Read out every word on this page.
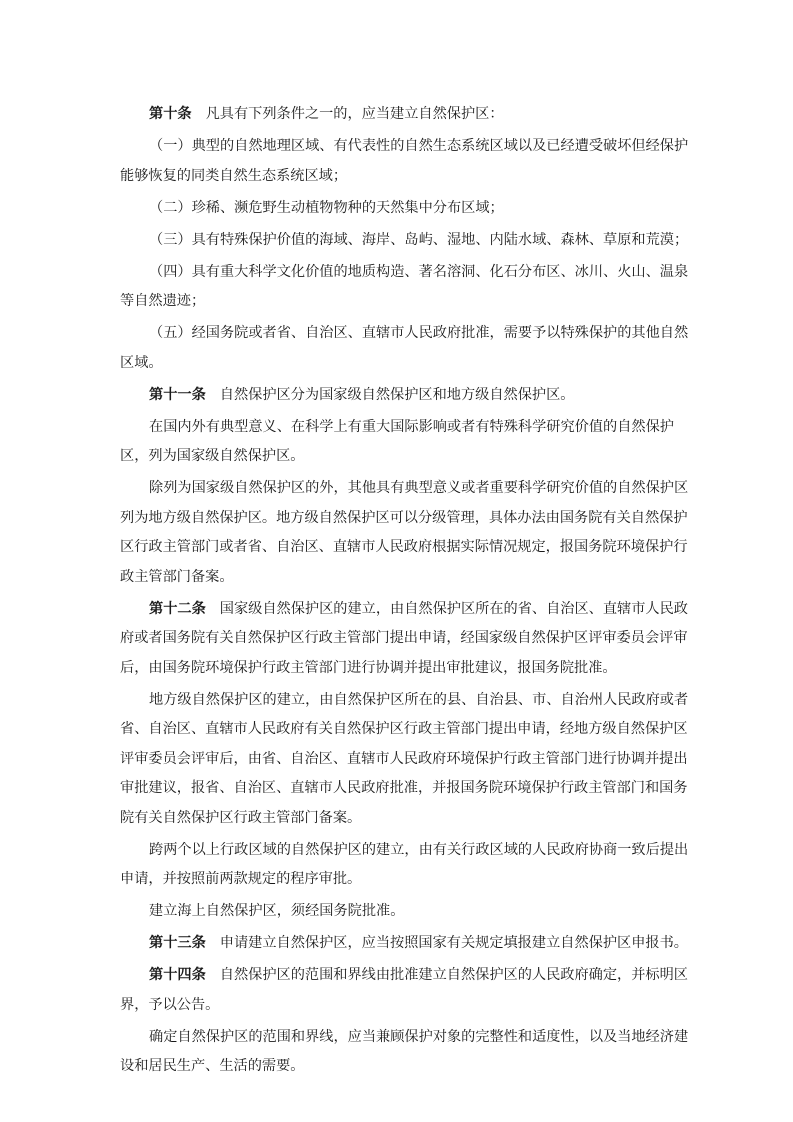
第十条 凡具有下列条件之一的，应当建立自然保护区：

（一）典型的自然地理区域、有代表性的自然生态系统区域以及已经遭受破坏但经保护
能够恢复的同类自然生态系统区域；

（二）珍稀、濒危野生动植物物种的天然集中分布区域；

（三）具有特殊保护价值的海域、海岸、岛屿、湿地、内陆水域、森林、草原和荒漠；

（四）具有重大科学文化价值的地质构造、著名溶洞、化石分布区、冰川、火山、温泉
等自然遗迹；

（五）经国务院或者省、自治区、直辖市人民政府批准，需要予以特殊保护的其他自然
区域。

第十一条 自然保护区分为国家级自然保护区和地方级自然保护区。

在国内外有典型意义、在科学上有重大国际影响或者有特殊科学研究价值的自然保护
区，列为国家级自然保护区。

除列为国家级自然保护区的外，其他具有典型意义或者重要科学研究价值的自然保护区
列为地方级自然保护区。地方级自然保护区可以分级管理，具体办法由国务院有关自然保护
区行政主管部门或者省、自治区、直辖市人民政府根据实际情况规定，报国务院环境保护行
政主管部门备案。

第十二条 国家级自然保护区的建立，由自然保护区所在的省、自治区、直辖市人民政
府或者国务院有关自然保护区行政主管部门提出申请，经国家级自然保护区评审委员会评审
后，由国务院环境保护行政主管部门进行协调并提出审批建议，报国务院批准。

地方级自然保护区的建立，由自然保护区所在的县、自治县、市、自治州人民政府或者
省、自治区、直辖市人民政府有关自然保护区行政主管部门提出申请，经地方级自然保护区
评审委员会评审后，由省、自治区、直辖市人民政府环境保护行政主管部门进行协调并提出
审批建议，报省、自治区、直辖市人民政府批准，并报国务院环境保护行政主管部门和国务
院有关自然保护区行政主管部门备案。

跨两个以上行政区域的自然保护区的建立，由有关行政区域的人民政府协商一致后提出
申请，并按照前两款规定的程序审批。

建立海上自然保护区，须经国务院批准。

第十三条 申请建立自然保护区，应当按照国家有关规定填报建立自然保护区申报书。

第十四条 自然保护区的范围和界线由批准建立自然保护区的人民政府确定，并标明区
界，予以公告。

确定自然保护区的范围和界线，应当兼顾保护对象的完整性和适度性，以及当地经济建
设和居民生产、生活的需要。
